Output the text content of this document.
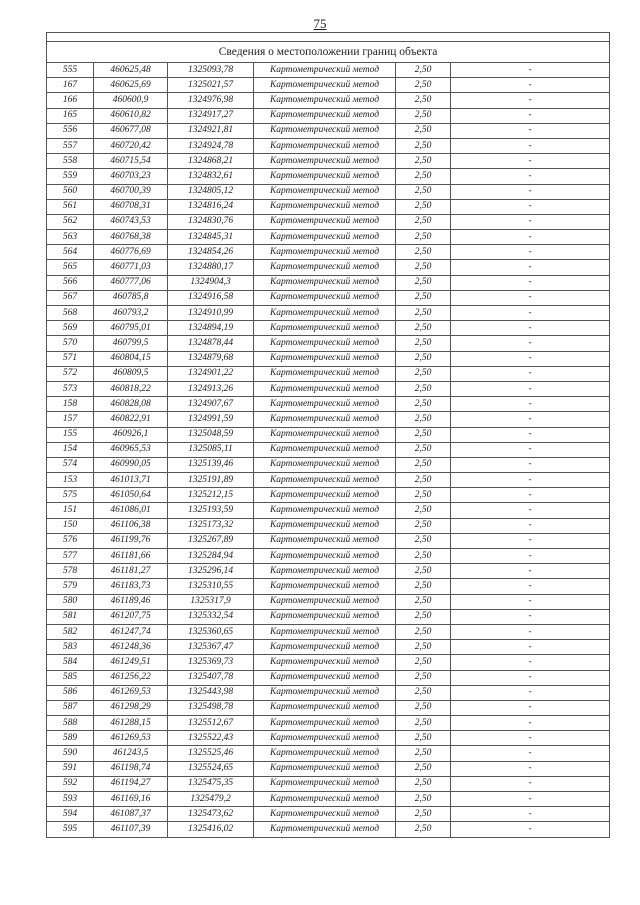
75

Сведения о местоположении границ объекта					
555	460625,48	1325093,78	Картометрический метод	2,50	-
167	460625,69	1325021,57	Картометрический метод	2,50	-
166	460600,9	1324976,98	Картометрический метод	2,50	-
165	460610,82	1324917,27	Картометрический метод	2,50	-
556	460677,08	1324921,81	Картометрический метод	2,50	-
557	460720,42	1324924,78	Картометрический метод	2,50	-
558	460715,54	1324868,21	Картометрический метод	2,50	-
559	460703,23	1324832,61	Картометрический метод	2,50	-
560	460700,39	1324805,12	Картометрический метод	2,50	-
561	460708,31	1324816,24	Картометрический метод	2,50	-
562	460743,53	1324830,76	Картометрический метод	2,50	-
563	460768,38	1324845,31	Картометрический метод	2,50	-
564	460776,69	1324854,26	Картометрический метод	2,50	-
565	460771,03	1324880,17	Картометрический метод	2,50	-
566	460777,06	1324904,3	Картометрический метод	2,50	-
567	460785,8	1324916,58	Картометрический метод	2,50	-
568	460793,2	1324910,99	Картометрический метод	2,50	-
569	460795,01	1324894,19	Картометрический метод	2,50	-
570	460799,5	1324878,44	Картометрический метод	2,50	-
571	460804,15	1324879,68	Картометрический метод	2,50	-
572	460809,5	1324901,22	Картометрический метод	2,50	-
573	460818,22	1324913,26	Картометрический метод	2,50	-
158	460828,08	1324907,67	Картометрический метод	2,50	-
157	460822,91	1324991,59	Картометрический метод	2,50	-
155	460926,1	1325048,59	Картометрический метод	2,50	-
154	460965,53	1325085,11	Картометрический метод	2,50	-
574	460990,05	1325139,46	Картометрический метод	2,50	-
153	461013,71	1325191,89	Картометрический метод	2,50	-
575	461050,64	1325212,15	Картометрический метод	2,50	-
151	461086,01	1325193,59	Картометрический метод	2,50	-
150	461106,38	1325173,32	Картометрический метод	2,50	-
576	461199,76	1325267,89	Картометрический метод	2,50	-
577	461181,66	1325284,94	Картометрический метод	2,50	-
578	461181,27	1325296,14	Картометрический метод	2,50	-
579	461183,73	1325310,55	Картометрический метод	2,50	-
580	461189,46	1325317,9	Картометрический метод	2,50	-
581	461207,75	1325332,54	Картометрический метод	2,50	-
582	461247,74	1325360,65	Картометрический метод	2,50	-
583	461248,36	1325367,47	Картометрический метод	2,50	-
584	461249,51	1325369,73	Картометрический метод	2,50	-
585	461256,22	1325407,78	Картометрический метод	2,50	-
586	461269,53	1325443,98	Картометрический метод	2,50	-
587	461298,29	1325498,78	Картометрический метод	2,50	-
588	461288,15	1325512,67	Картометрический метод	2,50	-
589	461269,53	1325522,43	Картометрический метод	2,50	-
590	461243,5	1325525,46	Картометрический метод	2,50	-
591	461198,74	1325524,65	Картометрический метод	2,50	-
592	461194,27	1325475,35	Картометрический метод	2,50	-
593	461169,16	1325479,2	Картометрический метод	2,50	-
594	461087,37	1325473,62	Картометрический метод	2,50	-
595	461107,39	1325416,02	Картометрический метод	2,50	-
